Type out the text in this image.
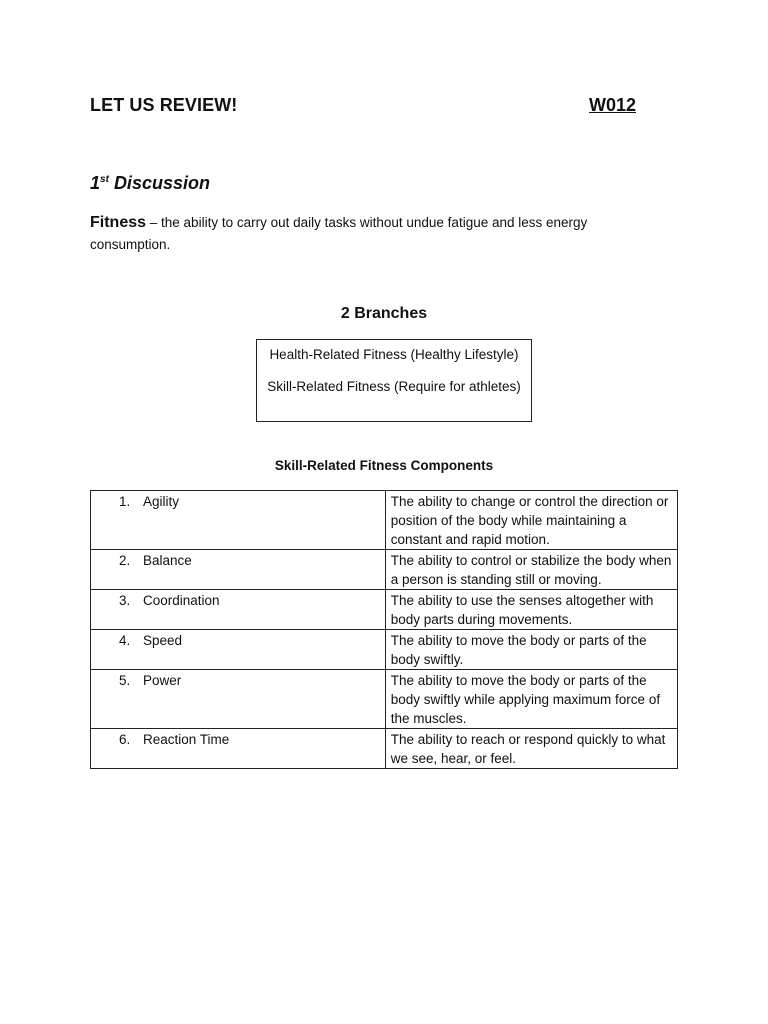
LET US REVIEW!	W012
1st Discussion
Fitness – the ability to carry out daily tasks without undue fatigue and less energy consumption.
2 Branches
Health-Related Fitness (Healthy Lifestyle)
Skill-Related Fitness (Require for athletes)
Skill-Related Fitness Components
1. Agility	The ability to change or control the direction or position of the body while maintaining a constant and rapid motion.
2. Balance	The ability to control or stabilize the body when a person is standing still or moving.
3. Coordination	The ability to use the senses altogether with body parts during movements.
4. Speed	The ability to move the body or parts of the body swiftly.
5. Power	The ability to move the body or parts of the body swiftly while applying maximum force of the muscles.
6. Reaction Time	The ability to reach or respond quickly to what we see, hear, or feel.
